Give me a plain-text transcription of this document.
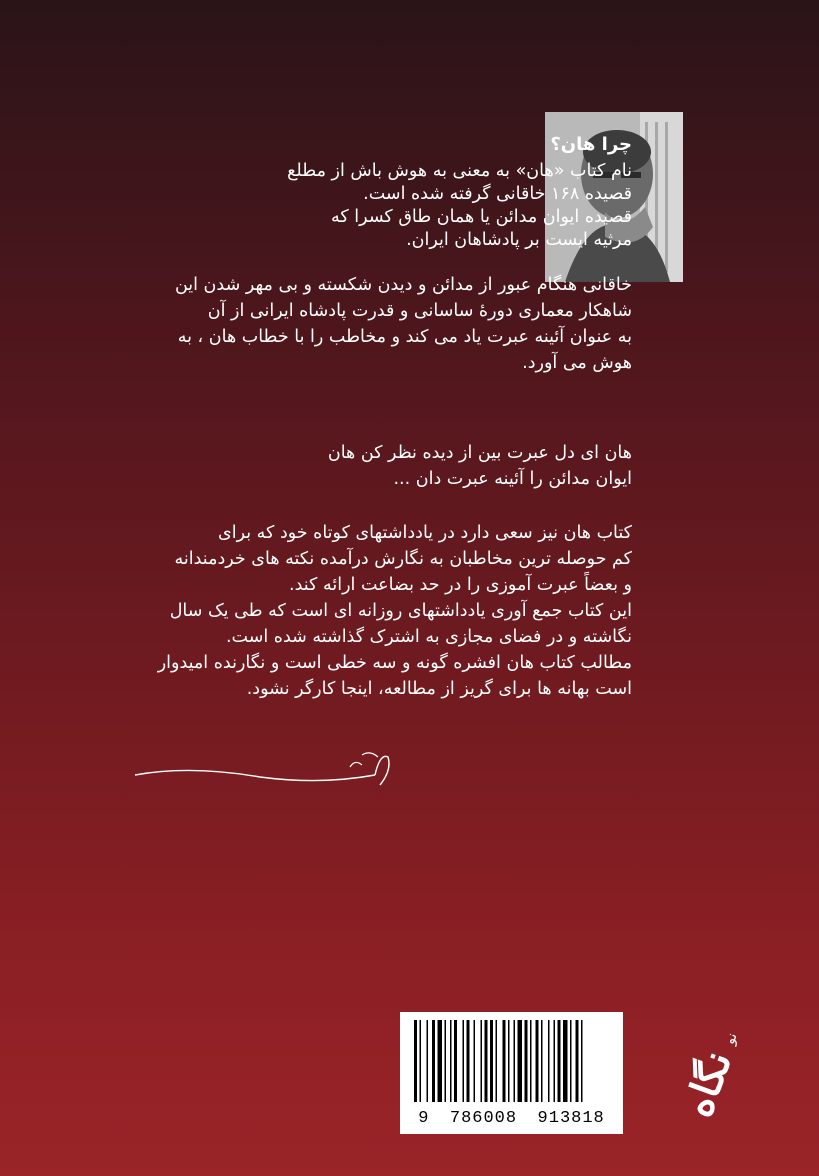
چرا هان؟
نام کتاب «هان» به معنی به هوش باش از مطلع
قصیده ۱۶۸ خاقانی گرفته شده است.
قصیده ایوان مدائن یا همان طاق کسرا که
مرثیه ایست بر پادشاهان ایران.
خاقانی هنگام عبور از مدائن و دیدن شکسته و بی مهر شدن این
شاهکار معماری دورهٔ ساسانی و قدرت پادشاه ایرانی از آن
به عنوان آئینه عبرت یاد می کند و مخاطب را با خطاب هان ، به
هوش می آورد.
هان ای دل عبرت بین از دیده نظر کن هان
ایوان مدائن را آئینه عبرت دان ...
کتاب هان نیز سعی دارد در یادداشتهای کوتاه خود که برای
کم حوصله ترین مخاطبان به نگارش درآمده نکته های خردمندانه
و بعضاً عبرت آموزی را در حد بضاعت ارائه کند.
این کتاب جمع آوری یادداشتهای روزانه ای است که طی یک سال
نگاشته و در فضای مجازی به اشترک گذاشته شده است.
مطالب کتاب هان افشره گونه و سه خطی است و نگارنده امیدوار
است بهانه ها برای گریز از مطالعه، اینجا کارگر نشود.
9 786008 913818 نگاه
نو
